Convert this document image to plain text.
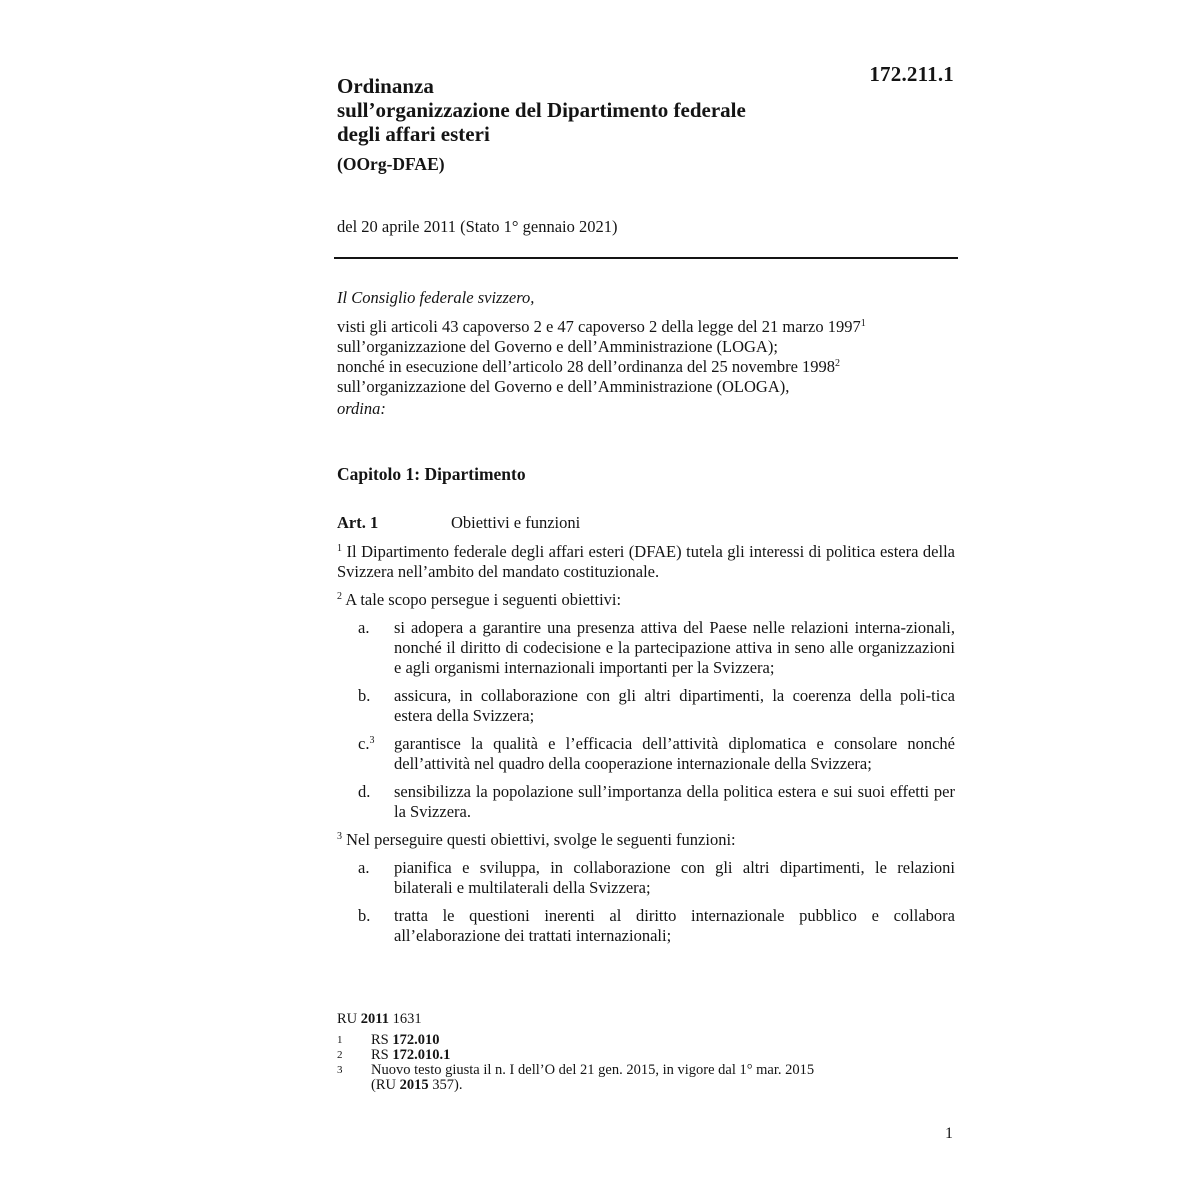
172.211.1
Ordinanza
sull’organizzazione del Dipartimento federale
degli affari esteri
(OOrg-DFAE)
del 20 aprile 2011 (Stato 1° gennaio 2021)

Il Consiglio federale svizzero,

visti gli articoli 43 capoverso 2 e 47 capoverso 2 della legge del 21 marzo 1997$^1$

sull’organizzazione del Governo e dell’Amministrazione (LOGA);

nonché in esecuzione dell’articolo 28 dell’ordinanza del 25 novembre 1998$^2$

sull’organizzazione del Governo e dell’Amministrazione (OLOGA),

ordina:

Capitolo 1: Dipartimento
Art. 1	Obiettivi e funzioni

$^1$ Il Dipartimento federale degli affari esteri (DFAE) tutela gli interessi di politica estera della Svizzera nell’ambito del mandato costituzionale.

$^2$ A tale scopo persegue i seguenti obiettivi:

a.	si adopera a garantire una presenza attiva del Paese nelle relazioni interna-zionali, nonché il diritto di codecisione e la partecipazione attiva in seno alle organizzazioni e agli organismi internazionali importanti per la Svizzera;
b.	assicura, in collaborazione con gli altri dipartimenti, la coerenza della poli-tica estera della Svizzera;
c.$^3$	garantisce la qualità e l’efficacia dell’attività diplomatica e consolare nonché dell’attività nel quadro della cooperazione internazionale della Svizzera;
d.	sensibilizza la popolazione sull’importanza della politica estera e sui suoi effetti per la Svizzera.

$^3$ Nel perseguire questi obiettivi, svolge le seguenti funzioni:

a.	pianifica e sviluppa, in collaborazione con gli altri dipartimenti, le relazioni bilaterali e multilaterali della Svizzera;
b.	tratta le questioni inerenti al diritto internazionale pubblico e collabora all’elaborazione dei trattati internazionali;
RU 2011 1631
1	RS 172.010
2	RS 172.010.1
3	Nuovo testo giusta il n. I dell’O del 21 gen. 2015, in vigore dal 1° mar. 2015
(RU 2015 357).
1
